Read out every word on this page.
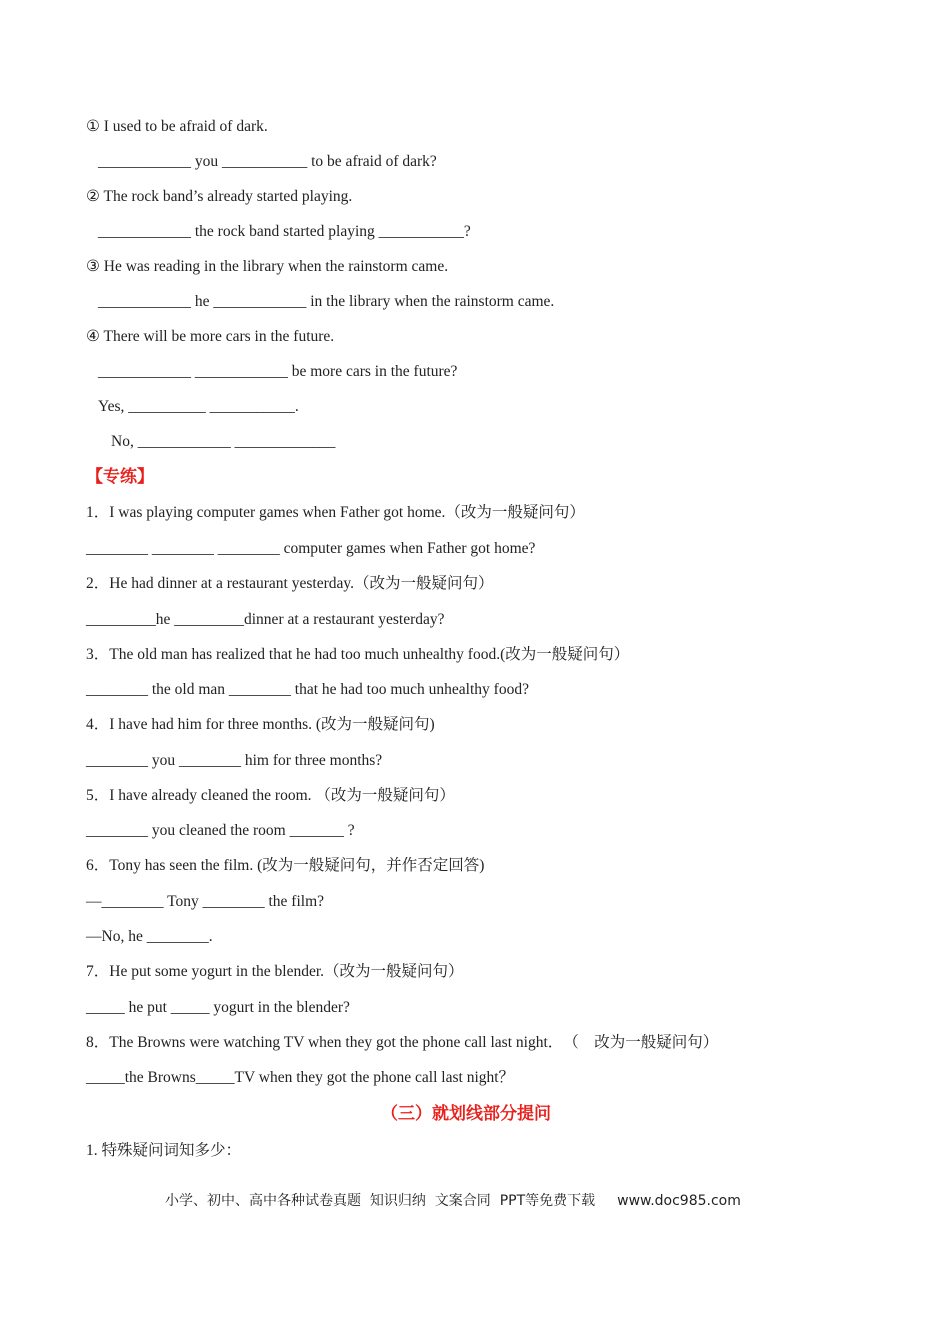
① I used to be afraid of dark.
____________ you ___________ to be afraid of dark?
② The rock band’s already started playing.
____________ the rock band started playing ___________?
③ He was reading in the library when the rainstorm came.
____________ he ____________ in the library when the rainstorm came.
④ There will be more cars in the future.
____________ ____________ be more cars in the future?
Yes, __________ ___________.
No, ____________ _____________
【专练】
1．I was playing computer games when Father got home.（改为一般疑问句）
________ ________ ________ computer games when Father got home?
2．He had dinner at a restaurant yesterday.（改为一般疑问句）
_________he _________dinner at a restaurant yesterday?
3．The old man has realized that he had too much unhealthy food.(改为一般疑问句）
________ the old man ________ that he had too much unhealthy food?
4．I have had him for three months. (改为一般疑问句)
________ you ________ him for three months?
5．I have already cleaned the room. （改为一般疑问句）
________ you cleaned the room _______ ?
6．Tony has seen the film. (改为一般疑问句，并作否定回答)
—________ Tony ________ the film?
—No, he ________.
7．He put some yogurt in the blender.（改为一般疑问句）
_____ he put _____ yogurt in the blender?
8．The Browns were watching TV when they got the phone call last night．　（　改为一般疑问句）
_____the Browns_____TV when they got the phone call last night？
（三）就划线部分提问
1. 特殊疑问词知多少：
小学、初中、高中各种试卷真题  知识归纳  文案合同  PPT等免费下载 www.doc985.com
